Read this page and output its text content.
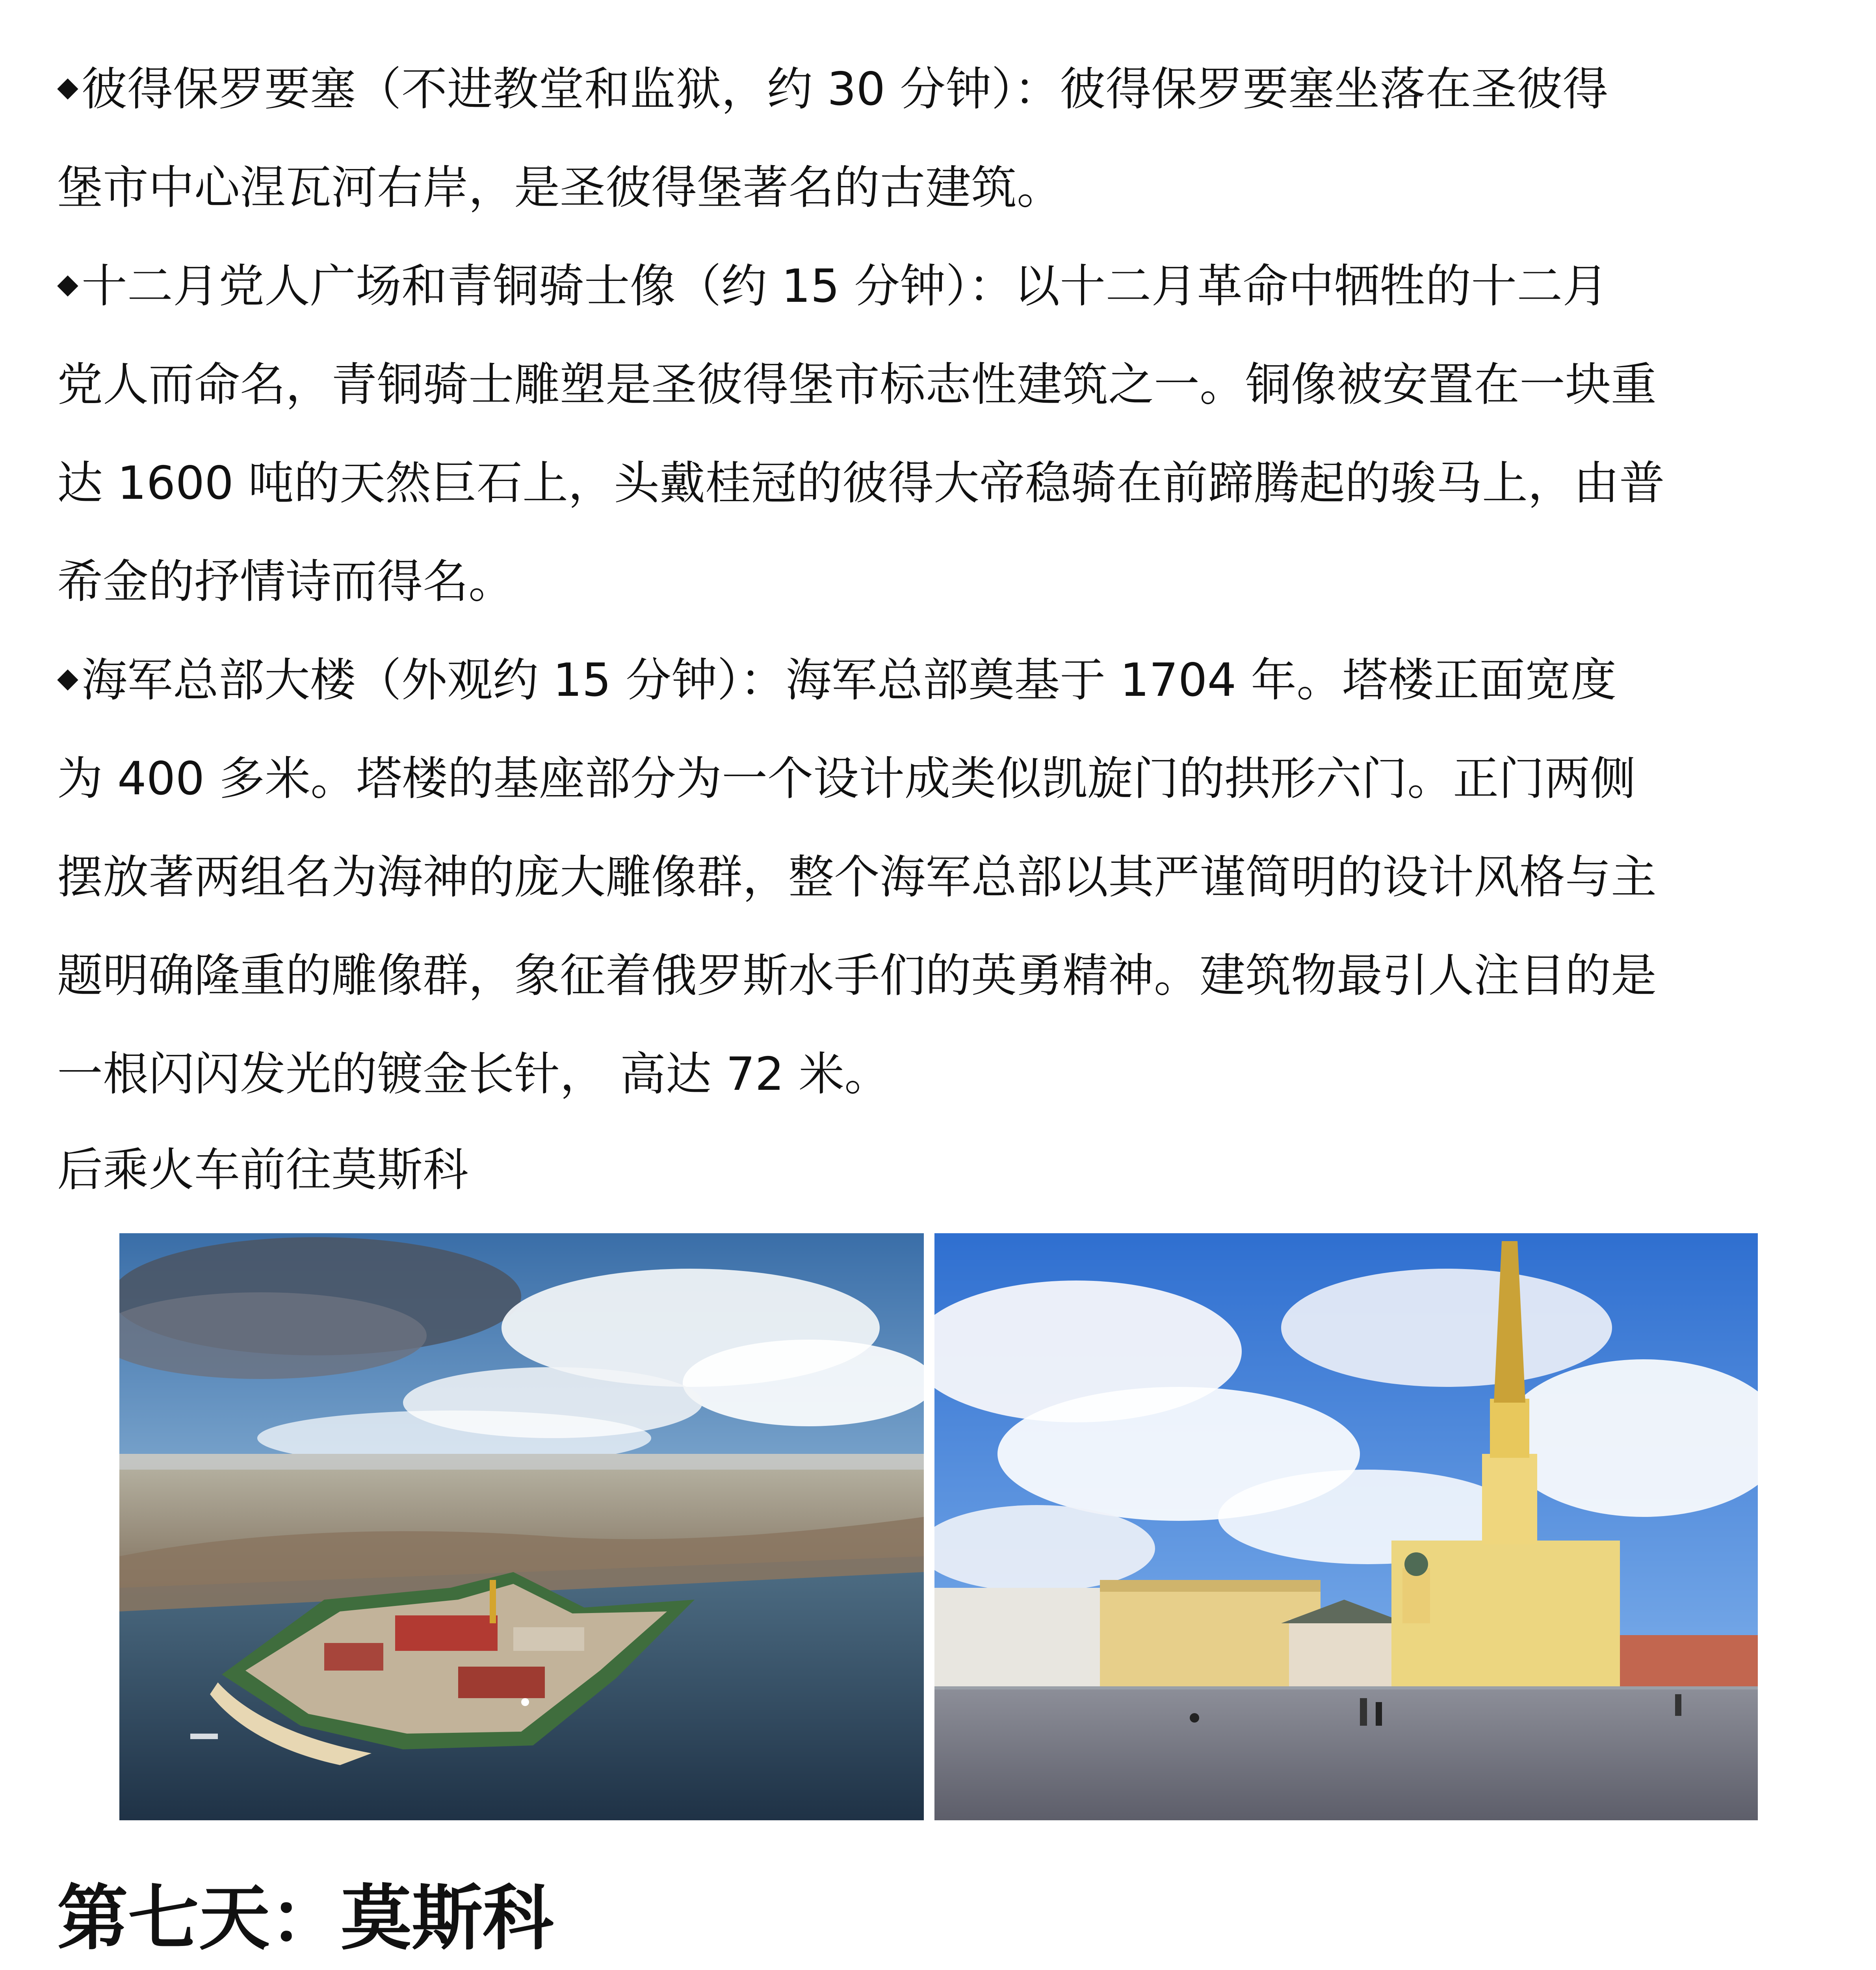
◆彼得保罗要塞（不进教堂和监狱，约 30 分钟）：彼得保罗要塞坐落在圣彼得
堡市中心涅瓦河右岸，是圣彼得堡著名的古建筑。

◆十二月党人广场和青铜骑士像（约 15 分钟）：以十二月革命中牺牲的十二月
党人而命名，青铜骑士雕塑是圣彼得堡市标志性建筑之一。铜像被安置在一块重
达 1600 吨的天然巨石上，头戴桂冠的彼得大帝稳骑在前蹄腾起的骏马上，由普
希金的抒情诗而得名。

◆海军总部大楼（外观约 15 分钟）：海军总部奠基于 1704 年。塔楼正面宽度
为 400 多米。塔楼的基座部分为一个设计成类似凯旋门的拱形六门。正门两侧
摆放著两组名为海神的庞大雕像群，整个海军总部以其严谨简明的设计风格与主
题明确隆重的雕像群，象征着俄罗斯水手们的英勇精神。建筑物最引人注目的是
一根闪闪发光的镀金长针， 高达 72 米。

后乘火车前往莫斯科

第七天：莫斯科
